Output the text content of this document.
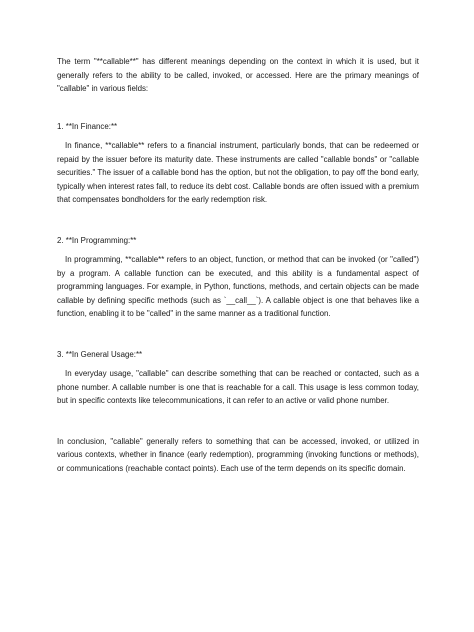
The term "**callable**" has different meanings depending on the context in which it is used, but it generally refers to the ability to be called, invoked, or accessed. Here are the primary meanings of "callable" in various fields:

1. **In Finance:**

In finance, **callable** refers to a financial instrument, particularly bonds, that can be redeemed or repaid by the issuer before its maturity date. These instruments are called "callable bonds" or "callable securities." The issuer of a callable bond has the option, but not the obligation, to pay off the bond early, typically when interest rates fall, to reduce its debt cost. Callable bonds are often issued with a premium that compensates bondholders for the early redemption risk.

2. **In Programming:**

In programming, **callable** refers to an object, function, or method that can be invoked (or "called") by a program. A callable function can be executed, and this ability is a fundamental aspect of programming languages. For example, in Python, functions, methods, and certain objects can be made callable by defining specific methods (such as `__call__`). A callable object is one that behaves like a function, enabling it to be "called" in the same manner as a traditional function.

3. **In General Usage:**

In everyday usage, "callable" can describe something that can be reached or contacted, such as a phone number. A callable number is one that is reachable for a call. This usage is less common today, but in specific contexts like telecommunications, it can refer to an active or valid phone number.

In conclusion, "callable" generally refers to something that can be accessed, invoked, or utilized in various contexts, whether in finance (early redemption), programming (invoking functions or methods), or communications (reachable contact points). Each use of the term depends on its specific domain.
